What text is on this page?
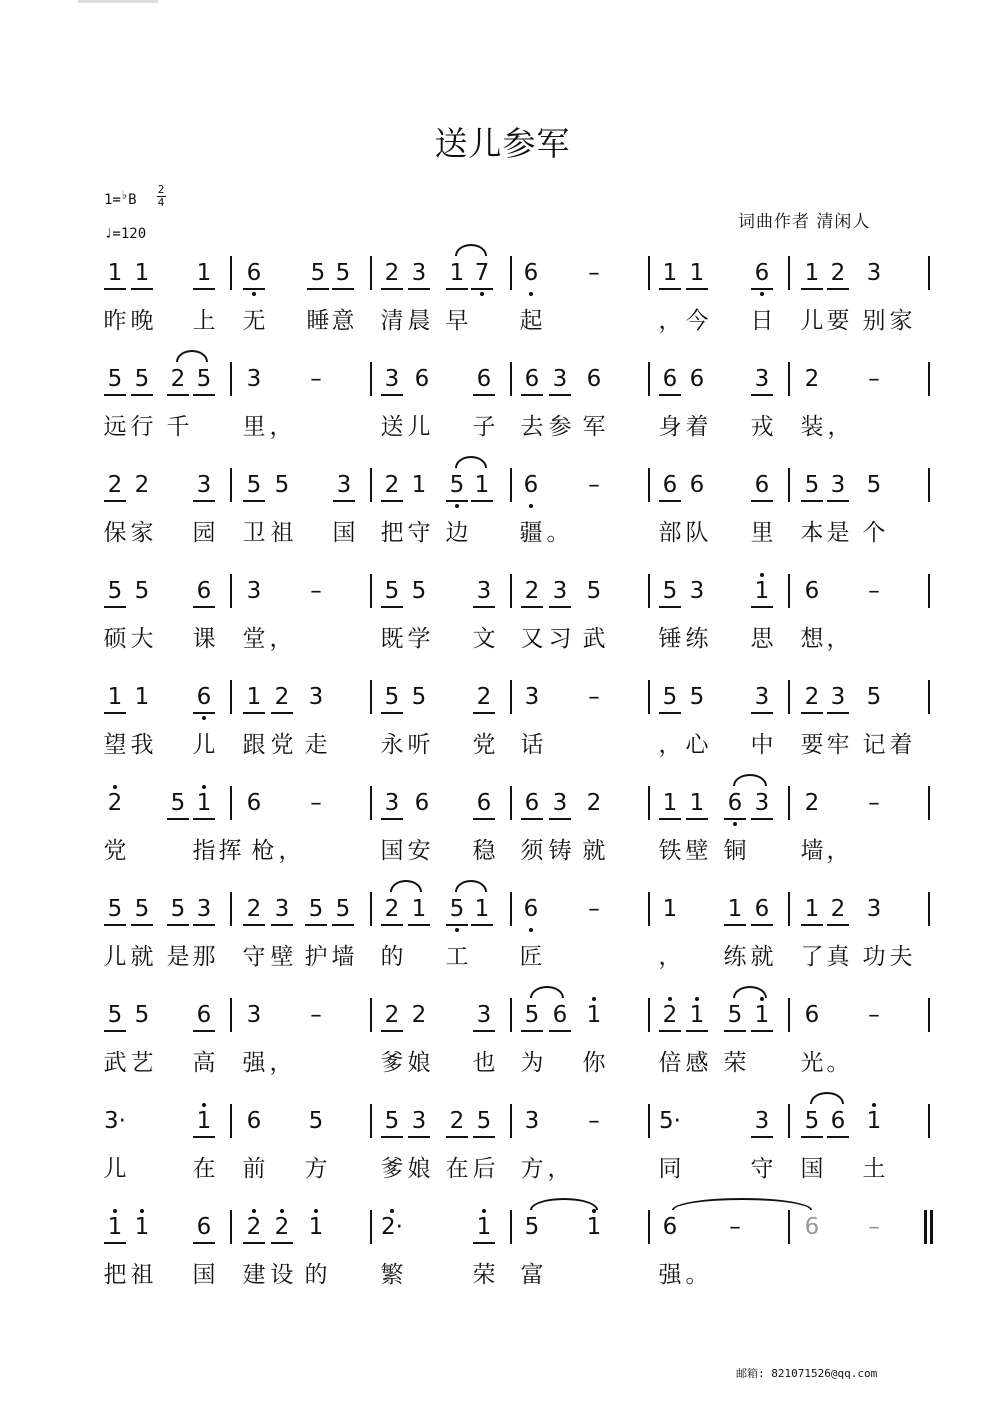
送儿参军
1=♭B
2
4
♩=120
词曲作者 清闲人
1 1 1 6 5 5 2 3 1 7 6 –	1 1 6 1 2 3
昨 晚 上 无 睡 意 清 晨 早 起	， 今 日 儿 要 别 家
5 5 2 5 3 –	3 6 6 6 3 6	6 6 3 2 –
远 行 千 里 ，	送 儿 子 去 参 军 身 着 戎 装 ，
2 2 3 5 5 3 2 1 5 1 6 –	6 6 6 5 3 5
保 家 园 卫 祖 国 把 守 边 疆 。	部 队 里 本 是 个
5 5 6 3 –	5 5 3 2 3 5	5 3 1 6 –
硕 大 课 堂 ，	既 学 文 又 习 武 锤 练 思 想 ，
1 1 6 1 2 3	5 5 2 3 –	5 5 3 2 3 5
望 我 儿 跟 党 走 永 听 党 话	， 心 中 要 牢 记 着
2 5 1 6 –	3 6 6 6 3 2	1 1 6 3 2 –
党	指 挥 枪 ，	国 安 稳 须 铸 就 铁 壁 铜 墙 ，
5 5 5 3 2 3 5 5 2 1 5 1 6 –	1 1 6 1 2 3
儿 就 是 那 守 壁 护 墙 的 工 匠	， 练 就 了 真 功 夫
5 5 6 3 –	2 2 3 5 6 1	2 1 5 1 6 –
武 艺 高 强 ，	爹 娘 也 为 你 倍 感 荣 光 。
3·	1 6 5	5 3 2 5 3 –	5·	3 5 6 1
儿	在 前 方 爹 娘 在 后 方 ，	同	守 国 土
1 1 6 2 2 1	2·	1 5 1	6 –	6 –
把 祖 国 建 设 的 繁	荣 富	强 。
邮箱: 821071526@qq.com
